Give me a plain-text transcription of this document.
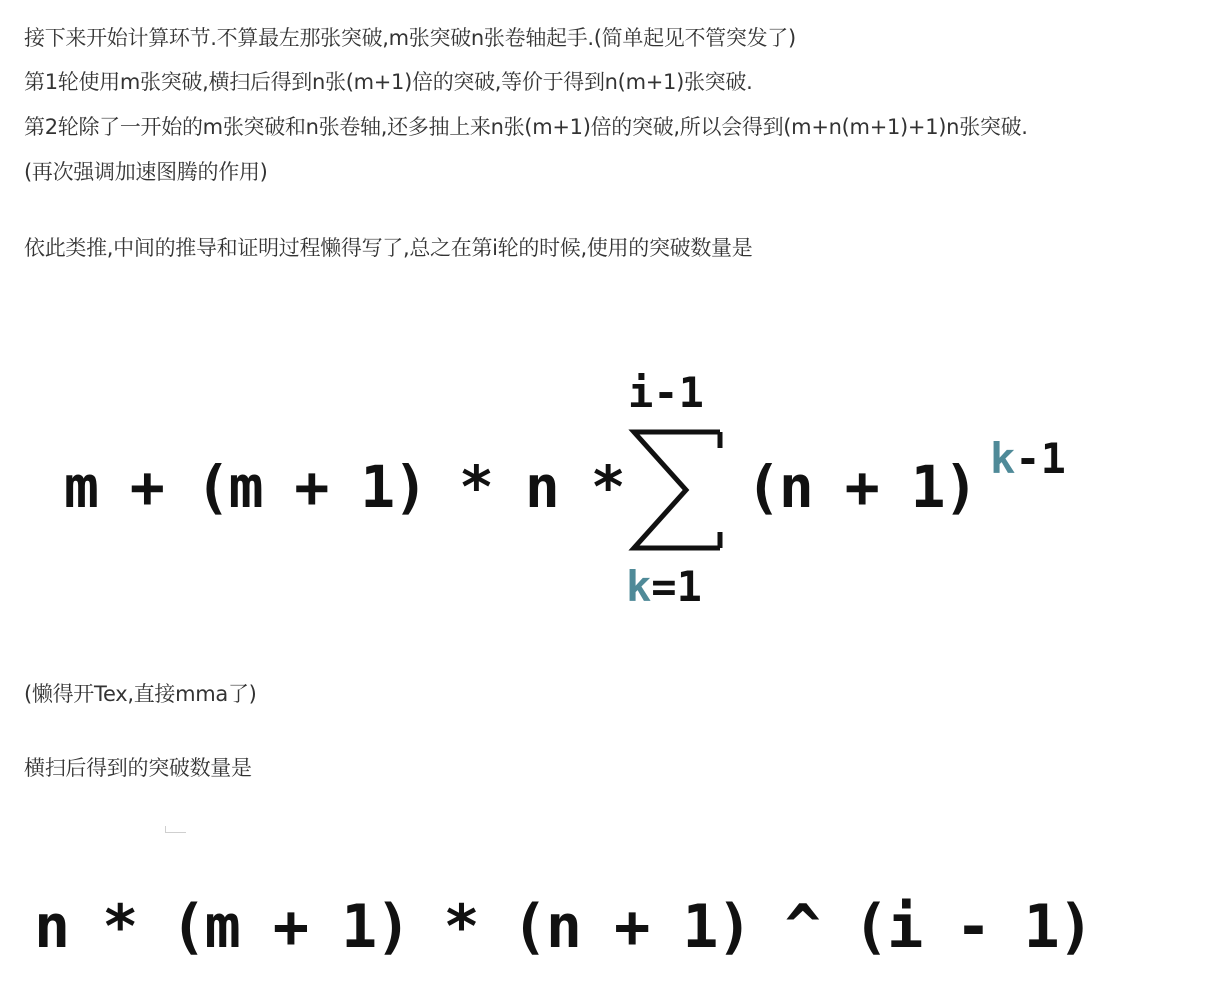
接下来开始计算环节.不算最左那张突破,m张突破n张卷轴起手.(简单起见不管突发了)
第1轮使用m张突破,横扫后得到n张(m+1)倍的突破,等价于得到n(m+1)张突破.
第2轮除了一开始的m张突破和n张卷轴,还多抽上来n张(m+1)倍的突破,所以会得到(m+n(m+1)+1)n张突破.
(再次强调加速图腾的作用)
依此类推,中间的推导和证明过程懒得写了,总之在第i轮的时候,使用的突破数量是
m + (m + 1) * n *
i-1
k=1
(n + 1) k-1
(懒得开Tex,直接mma了)
横扫后得到的突破数量是
n * (m + 1) * (n + 1) ^ (i - 1)
